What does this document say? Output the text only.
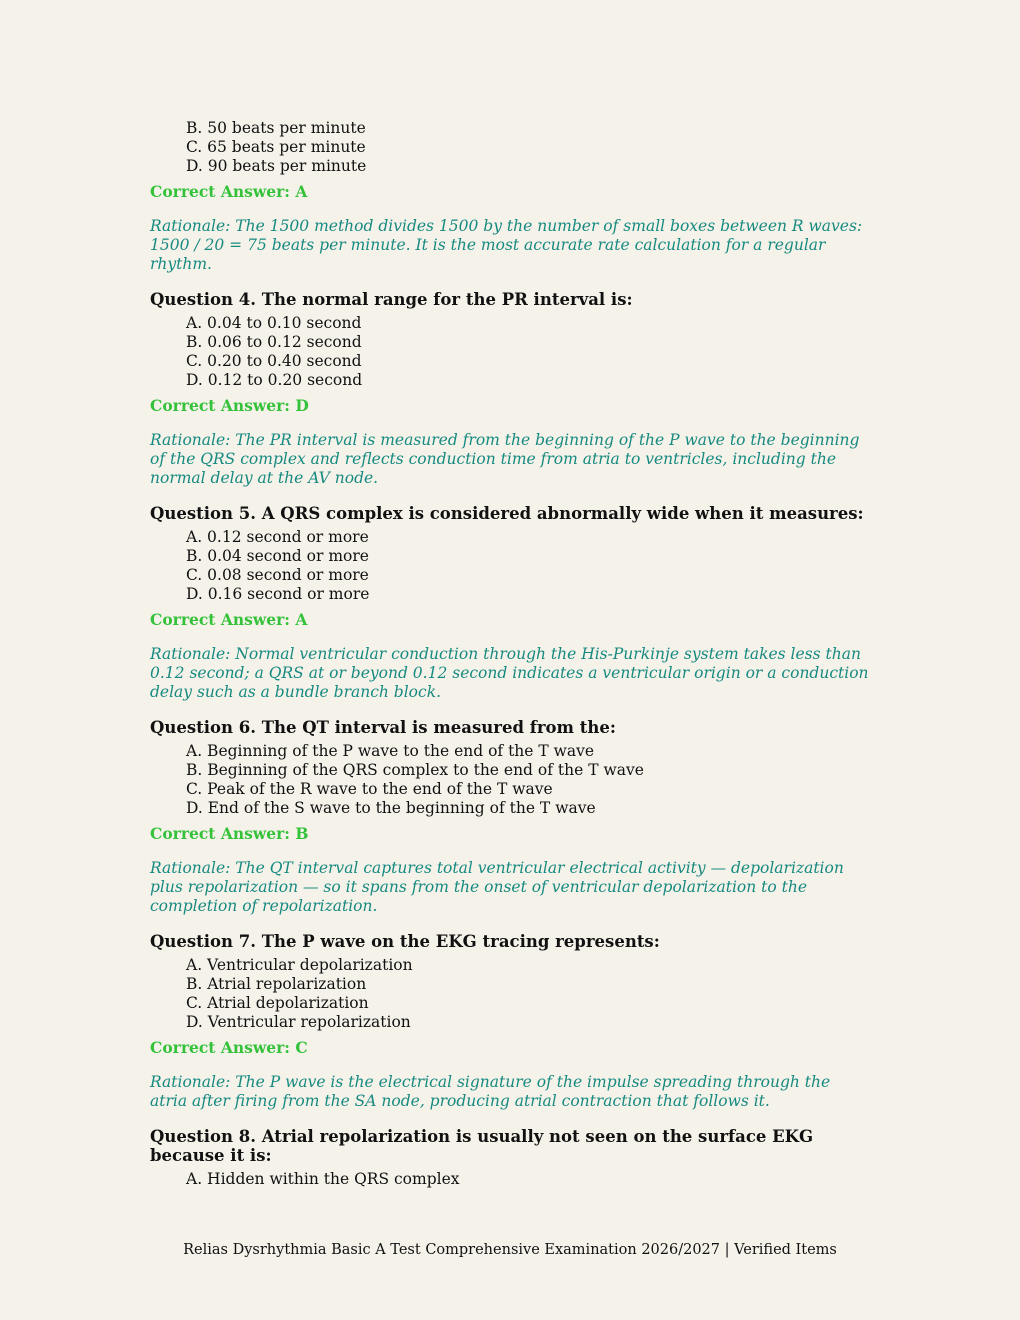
B. 50 beats per minute
C. 65 beats per minute
D. 90 beats per minute
Correct Answer: A
Rationale: The 1500 method divides 1500 by the number of small boxes between R waves: 1500 / 20 = 75 beats per minute. It is the most accurate rate calculation for a regular rhythm.
Question 4. The normal range for the PR interval is:
A. 0.04 to 0.10 second
B. 0.06 to 0.12 second
C. 0.20 to 0.40 second
D. 0.12 to 0.20 second
Correct Answer: D
Rationale: The PR interval is measured from the beginning of the P wave to the beginning of the QRS complex and reflects conduction time from atria to ventricles, including the normal delay at the AV node.
Question 5. A QRS complex is considered abnormally wide when it measures:
A. 0.12 second or more
B. 0.04 second or more
C. 0.08 second or more
D. 0.16 second or more
Correct Answer: A
Rationale: Normal ventricular conduction through the His-Purkinje system takes less than 0.12 second; a QRS at or beyond 0.12 second indicates a ventricular origin or a conduction delay such as a bundle branch block.
Question 6. The QT interval is measured from the:
A. Beginning of the P wave to the end of the T wave
B. Beginning of the QRS complex to the end of the T wave
C. Peak of the R wave to the end of the T wave
D. End of the S wave to the beginning of the T wave
Correct Answer: B
Rationale: The QT interval captures total ventricular electrical activity — depolarization plus repolarization — so it spans from the onset of ventricular depolarization to the completion of repolarization.
Question 7. The P wave on the EKG tracing represents:
A. Ventricular depolarization
B. Atrial repolarization
C. Atrial depolarization
D. Ventricular repolarization
Correct Answer: C
Rationale: The P wave is the electrical signature of the impulse spreading through the atria after firing from the SA node, producing atrial contraction that follows it.
Question 8. Atrial repolarization is usually not seen on the surface EKG because it is:
A. Hidden within the QRS complex
Relias Dysrhythmia Basic A Test Comprehensive Examination 2026/2027 | Verified Items
